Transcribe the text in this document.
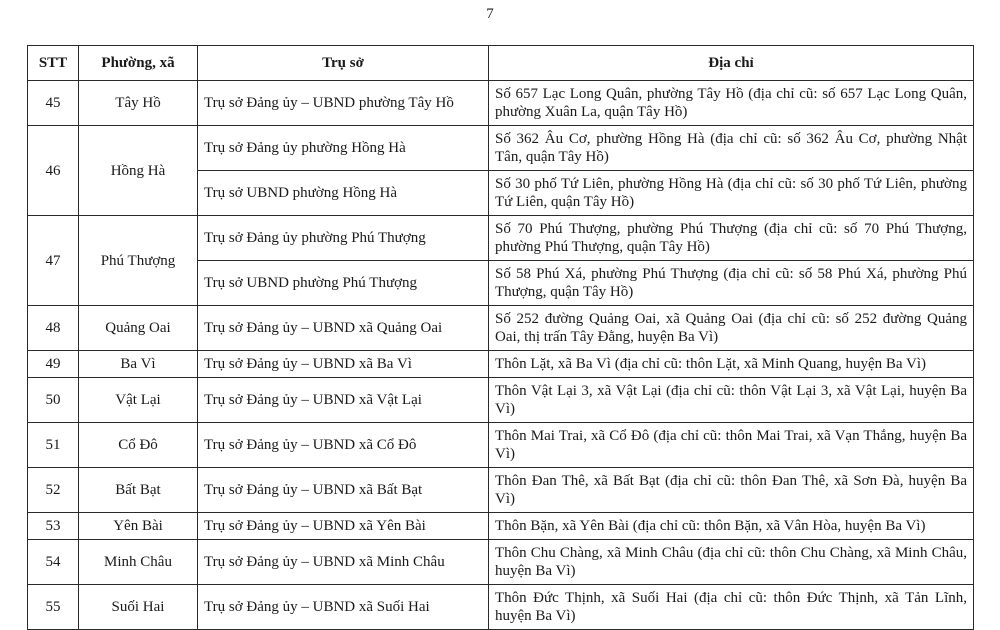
7
STT	Phường, xã	Trụ sở	Địa chỉ
45	Tây Hồ	Trụ sở Đảng ủy – UBND phường Tây Hồ	Số 657 Lạc Long Quân, phường Tây Hồ (địa chỉ cũ: số 657 Lạc Long Quân, phường Xuân La, quận Tây Hồ)
46	Hồng Hà	Trụ sở Đảng ủy phường Hồng Hà	Số 362 Âu Cơ, phường Hồng Hà (địa chỉ cũ: số 362 Âu Cơ, phường Nhật Tân, quận Tây Hồ)
		Trụ sở UBND phường Hồng Hà	Số 30 phố Tứ Liên, phường Hồng Hà (địa chỉ cũ: số 30 phố Tứ Liên, phường Tứ Liên, quận Tây Hồ)
47	Phú Thượng	Trụ sở Đảng ủy phường Phú Thượng	Số 70 Phú Thượng, phường Phú Thượng (địa chỉ cũ: số 70 Phú Thượng, phường Phú Thượng, quận Tây Hồ)
		Trụ sở UBND phường Phú Thượng	Số 58 Phú Xá, phường Phú Thượng (địa chỉ cũ: số 58 Phú Xá, phường Phú Thượng, quận Tây Hồ)
48	Quảng Oai	Trụ sở Đảng ủy – UBND xã Quảng Oai	Số 252 đường Quảng Oai, xã Quảng Oai (địa chỉ cũ: số 252 đường Quảng Oai, thị trấn Tây Đằng, huyện Ba Vì)
49	Ba Vì	Trụ sở Đảng ủy – UBND xã Ba Vì	Thôn Lặt, xã Ba Vì (địa chỉ cũ: thôn Lặt, xã Minh Quang, huyện Ba Vì)
50	Vật Lại	Trụ sở Đảng ủy – UBND xã Vật Lại	Thôn Vật Lại 3, xã Vật Lại (địa chỉ cũ: thôn Vật Lại 3, xã Vật Lại, huyện Ba Vì)
51	Cổ Đô	Trụ sở Đảng ủy – UBND xã Cổ Đô	Thôn Mai Trai, xã Cổ Đô (địa chỉ cũ: thôn Mai Trai, xã Vạn Thắng, huyện Ba Vì)
52	Bất Bạt	Trụ sở Đảng ủy – UBND xã Bất Bạt	Thôn Đan Thê, xã Bất Bạt (địa chỉ cũ: thôn Đan Thê, xã Sơn Đà, huyện Ba Vì)
53	Yên Bài	Trụ sở Đảng ủy – UBND xã Yên Bài	Thôn Bặn, xã Yên Bài (địa chỉ cũ: thôn Bặn, xã Vân Hòa, huyện Ba Vì)
54	Minh Châu	Trụ sở Đảng ủy – UBND xã Minh Châu	Thôn Chu Chàng, xã Minh Châu (địa chỉ cũ: thôn Chu Chàng, xã Minh Châu, huyện Ba Vì)
55	Suối Hai	Trụ sở Đảng ủy – UBND xã Suối Hai	Thôn Đức Thịnh, xã Suối Hai (địa chỉ cũ: thôn Đức Thịnh, xã Tản Lĩnh, huyện Ba Vì)
